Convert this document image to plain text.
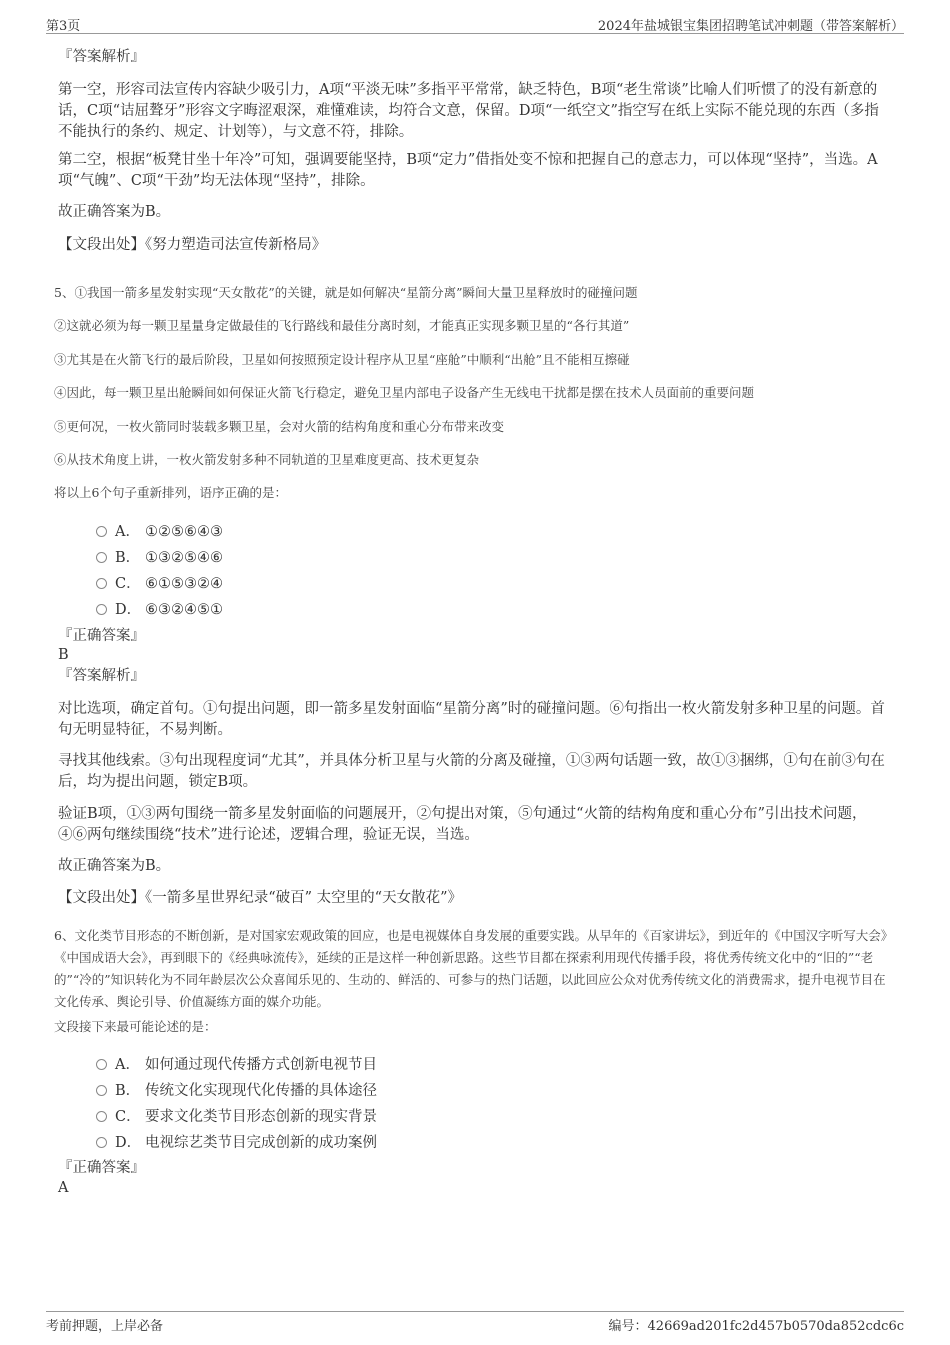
第3页	2024年盐城银宝集团招聘笔试冲刺题（带答案解析）
『答案解析』
第一空，形容司法宣传内容缺少吸引力，A项“平淡无味”多指平平常常，缺乏特色，B项“老生常谈”比喻人们听惯了的没有新意的话，C项“诘屈聱牙”形容文字晦涩艰深，难懂难读，均符合文意，保留。D项“一纸空文”指空写在纸上实际不能兑现的东西（多指不能执行的条约、规定、计划等），与文意不符，排除。
第二空，根据“板凳甘坐十年冷”可知，强调要能坚持，B项“定力”借指处变不惊和把握自己的意志力，可以体现“坚持”，当选。A项“气魄”、C项“干劲”均无法体现“坚持”，排除。
故正确答案为B。
【文段出处】《努力塑造司法宣传新格局》
5、①我国一箭多星发射实现“天女散花”的关键，就是如何解决“星箭分离”瞬间大量卫星释放时的碰撞问题
②这就必须为每一颗卫星量身定做最佳的飞行路线和最佳分离时刻，才能真正实现多颗卫星的“各行其道”
③尤其是在火箭飞行的最后阶段，卫星如何按照预定设计程序从卫星“座舱”中顺利“出舱”且不能相互擦碰
④因此，每一颗卫星出舱瞬间如何保证火箭飞行稳定，避免卫星内部电子设备产生无线电干扰都是摆在技术人员面前的重要问题
⑤更何况，一枚火箭同时装载多颗卫星，会对火箭的结构角度和重心分布带来改变
⑥从技术角度上讲，一枚火箭发射多种不同轨道的卫星难度更高、技术更复杂
将以上6个句子重新排列，语序正确的是：
A． ①②⑤⑥④③
B． ①③②⑤④⑥
C． ⑥①⑤③②④
D． ⑥③②④⑤①
『正确答案』
B
『答案解析』
对比选项，确定首句。①句提出问题，即一箭多星发射面临“星箭分离”时的碰撞问题。⑥句指出一枚火箭发射多种卫星的问题。首句无明显特征，不易判断。
寻找其他线索。③句出现程度词“尤其”，并具体分析卫星与火箭的分离及碰撞，①③两句话题一致，故①③捆绑，①句在前③句在后，均为提出问题，锁定B项。
验证B项，①③两句围绕一箭多星发射面临的问题展开，②句提出对策，⑤句通过“火箭的结构角度和重心分布”引出技术问题，④⑥两句继续围绕“技术”进行论述，逻辑合理，验证无误，当选。
故正确答案为B。
【文段出处】《一箭多星世界纪录“破百” 太空里的“天女散花”》
6、文化类节目形态的不断创新，是对国家宏观政策的回应，也是电视媒体自身发展的重要实践。从早年的《百家讲坛》，到近年的《中国汉字听写大会》《中国成语大会》，再到眼下的《经典咏流传》，延续的正是这样一种创新思路。这些节目都在探索利用现代传播手段，将优秀传统文化中的“旧的”“老的”“冷的”知识转化为不同年龄层次公众喜闻乐见的、生动的、鲜活的、可参与的热门话题，以此回应公众对优秀传统文化的消费需求，提升电视节目在文化传承、舆论引导、价值凝练方面的媒介功能。
文段接下来最可能论述的是：
A． 如何通过现代传播方式创新电视节目
B． 传统文化实现现代化传播的具体途径
C． 要求文化类节目形态创新的现实背景
D． 电视综艺类节目完成创新的成功案例
『正确答案』
A
考前押题，上岸必备	编号：42669ad201fc2d457b0570da852cdc6c
